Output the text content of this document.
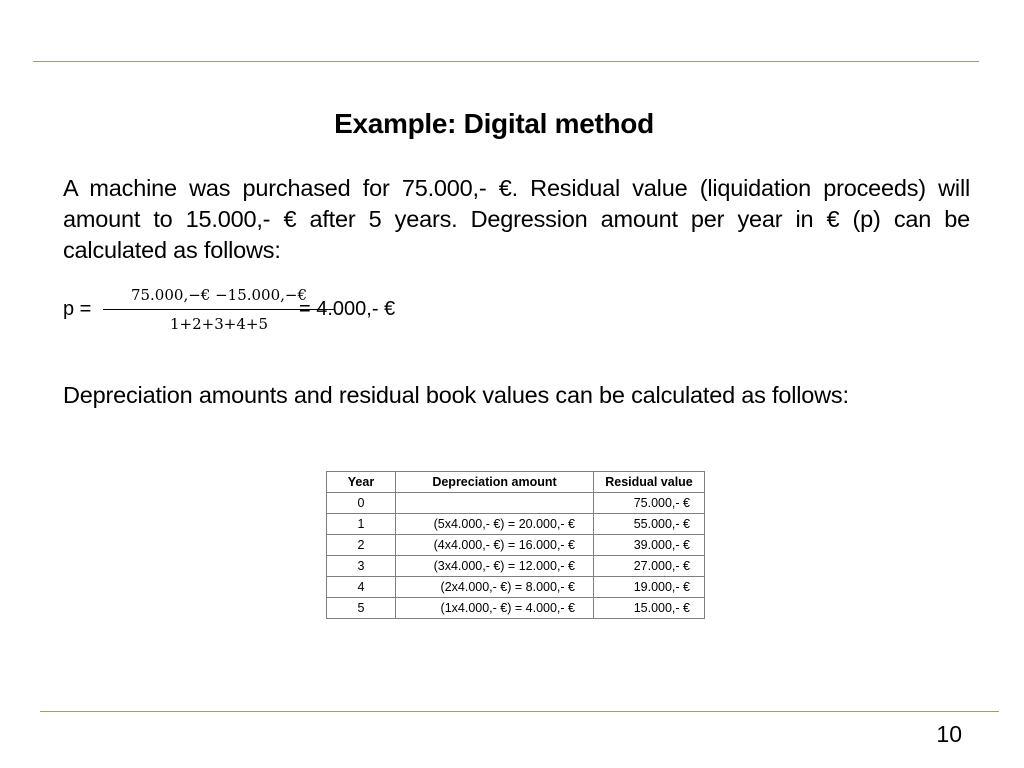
Example: Digital method
A machine was purchased for 75.000,- €. Residual value (liquidation proceeds) will amount to 15.000,- € after 5 years. Degression amount per year in € (p) can be calculated as follows:
p =
75.000,−€ −15.000,−€
1+2+3+4+5
= 4.000,- €
Depreciation amounts and residual book values can be calculated as follows:
Year	Depreciation amount	Residual value
0		75.000,- €
1	(5x4.000,- €) = 20.000,- €	55.000,- €
2	(4x4.000,- €) = 16.000,- €	39.000,- €
3	(3x4.000,- €) = 12.000,- €	27.000,- €
4	(2x4.000,- €) = 8.000,- €	19.000,- €
5	(1x4.000,- €) = 4.000,- €	15.000,- €
10
